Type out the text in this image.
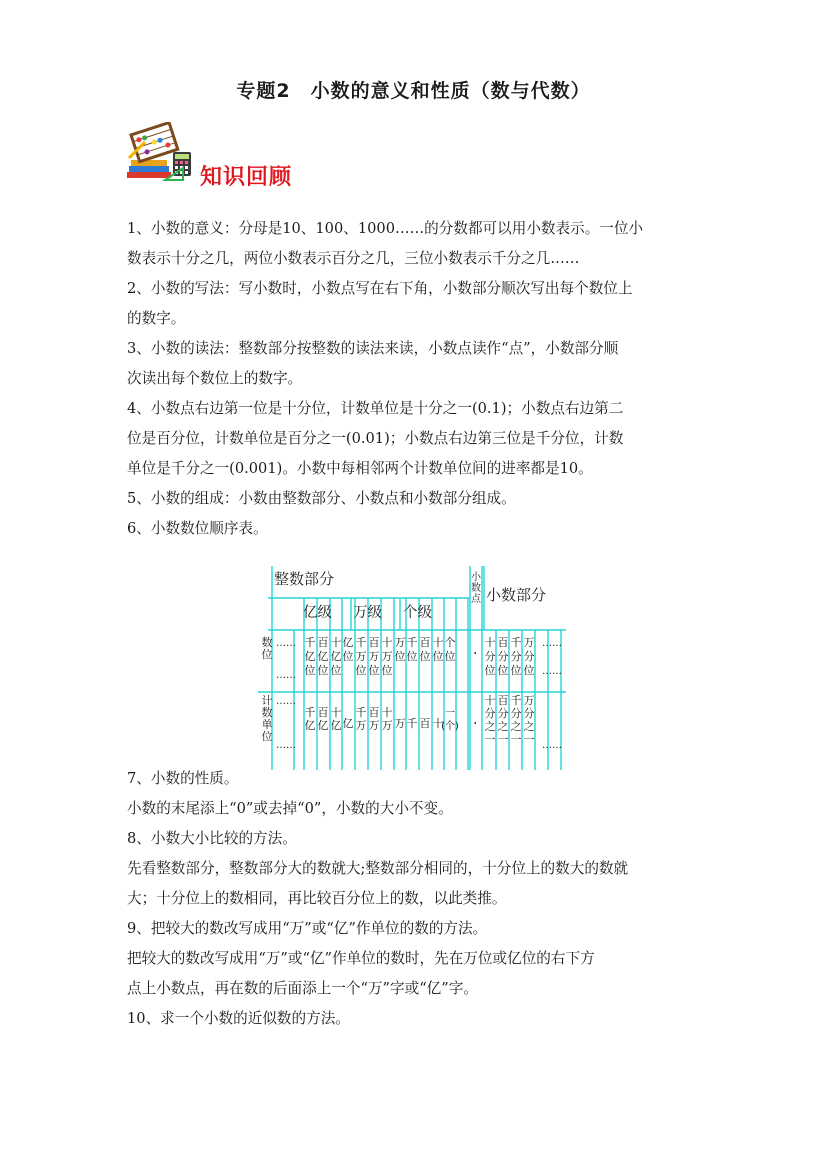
专题2　小数的意义和性质（数与代数）
知识回顾

1、小数的意义：分母是10、100、1000……的分数都可以用小数表示。一位小

数表示十分之几，两位小数表示百分之几，三位小数表示千分之几……

2、小数的写法：写小数时，小数点写在右下角，小数部分顺次写出每个数位上

的数字。

3、小数的读法：整数部分按整数的读法来读，小数点读作“点”，小数部分顺

次读出每个数位上的数字。

4、小数点右边第一位是十分位，计数单位是十分之一(0.1)；小数点右边第二

位是百分位，计数单位是百分之一(0.01)；小数点右边第三位是千分位，计数

单位是千分之一(0.001)。小数中每相邻两个计数单位间的进率都是10。

5、小数的组成：小数由整数部分、小数点和小数部分组成。

6、小数数位顺序表。

整数部分	小
数
点 小数部分
亿级 万级 个级
数
位
计
数
单
位
……
……
……
……
千
亿
位
百
亿
位
十
亿
位
亿
位
千
万
位
百
万
位
十
万
位
万
位
千
位
百
位
十
位
个
位
千
亿
百
亿
十
亿 亿
千
万
百
万
十
万 万 千 百 十
一
(个)
·
·
十
分
位
百
分
位
千
分
位
万
分
位
十
分
之
一
百
分
之
一
千
分
之
一
万
分
之
一
……
……
……

7、小数的性质。

小数的末尾添上“0”或去掉“0”，小数的大小不变。

8、小数大小比较的方法。

先看整数部分，整数部分大的数就大;整数部分相同的，十分位上的数大的数就

大；十分位上的数相同，再比较百分位上的数，以此类推。

9、把较大的数改写成用“万”或“亿”作单位的数的方法。

把较大的数改写成用“万”或“亿”作单位的数时，先在万位或亿位的右下方

点上小数点，再在数的后面添上一个“万”字或“亿”字。

10、求一个小数的近似数的方法。
